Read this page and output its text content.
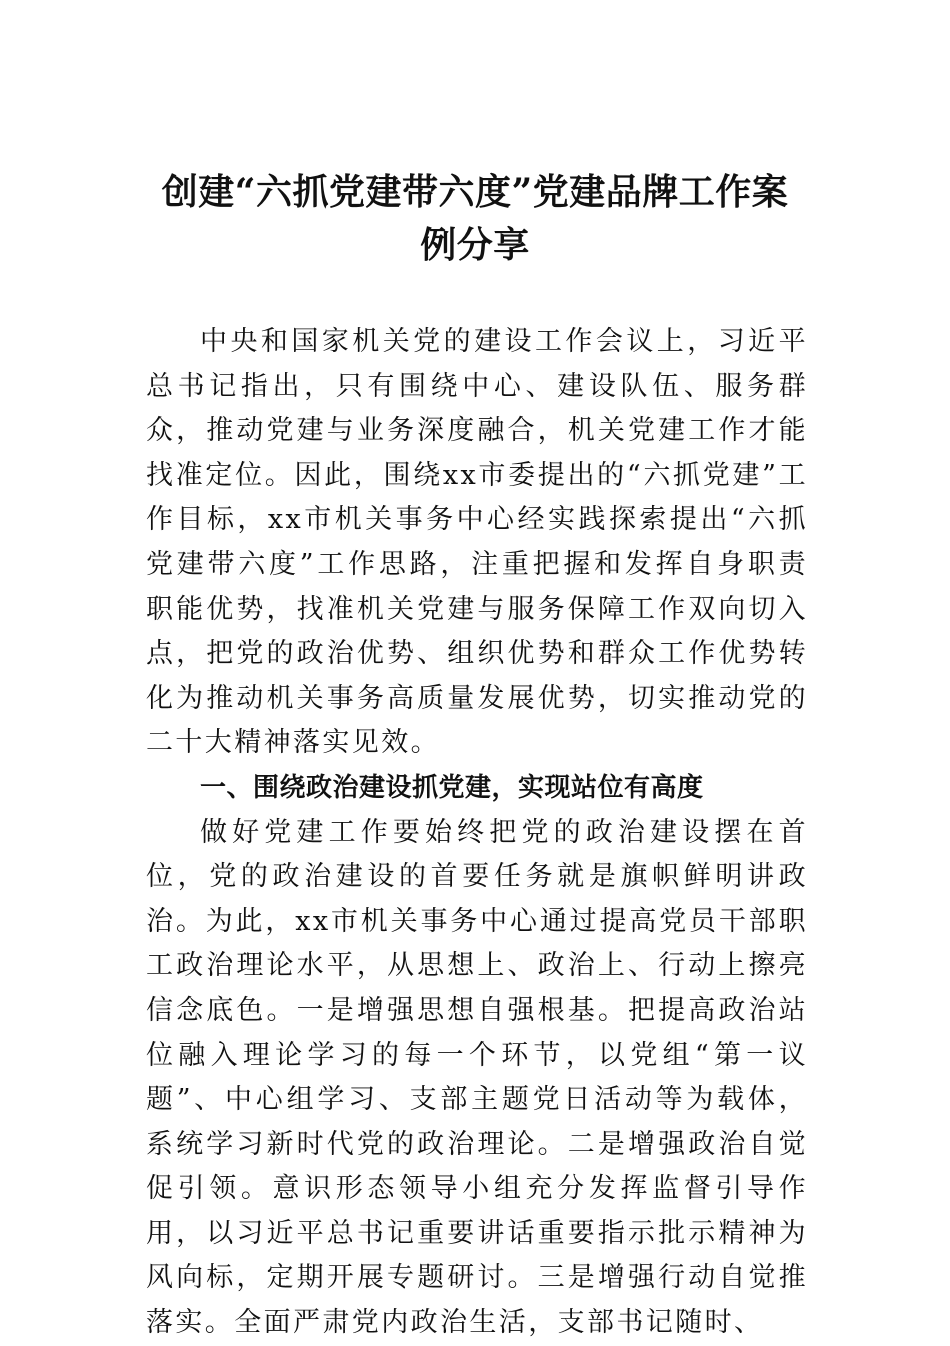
创建“六抓党建带六度”党建品牌工作案
例分享

中央和国家机关党的建设工作会议上，习近平总书记指出，只有围绕中心、建设队伍、服务群众，推动党建与业务深度融合，机关党建工作才能找准定位。因此，围绕xx市委提出的“六抓党建”工作目标，xx市机关事务中心经实践探索提出“六抓党建带六度”工作思路，注重把握和发挥自身职责职能优势，找准机关党建与服务保障工作双向切入点，把党的政治优势、组织优势和群众工作优势转化为推动机关事务高质量发展优势，切实推动党的二十大精神落实见效。

一、围绕政治建设抓党建，实现站位有高度

做好党建工作要始终把党的政治建设摆在首位，党的政治建设的首要任务就是旗帜鲜明讲政治。为此，xx市机关事务中心通过提高党员干部职工政治理论水平，从思想上、政治上、行动上擦亮信念底色。一是增强思想自强根基。把提高政治站位融入理论学习的每一个环节，以党组“第一议题”、中心组学习、支部主题党日活动等为载体，系统学习新时代党的政治理论。二是增强政治自觉促引领。意识形态领导小组充分发挥监督引导作用，以习近平总书记重要讲话重要指示批示精神为风向标，定期开展专题研讨。三是增强行动自觉推落实。全面严肃党内政治生活，支部书记随时、
